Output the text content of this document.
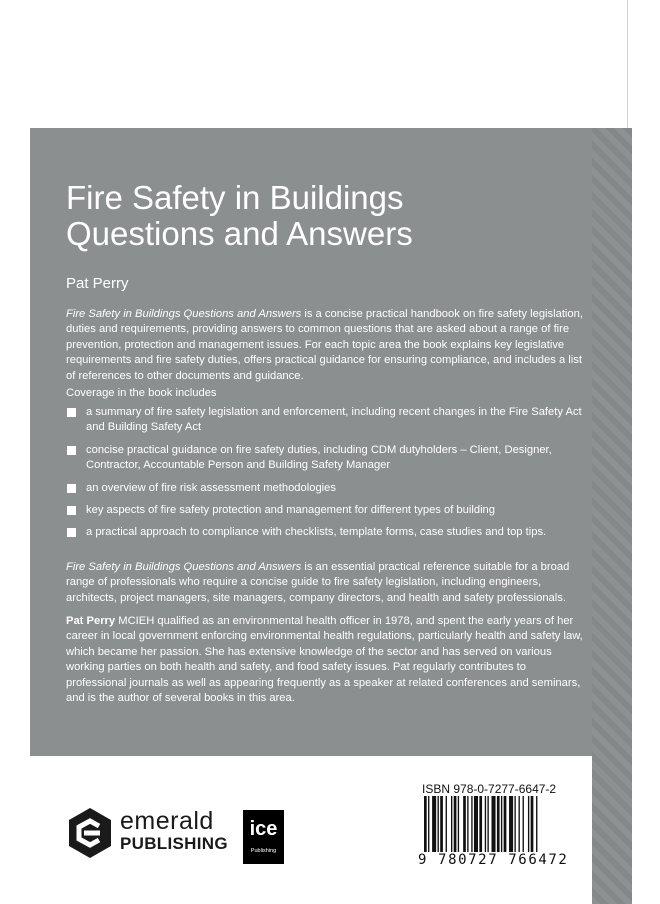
Fire Safety in Buildings
Questions and Answers

Pat Perry

Fire Safety in Buildings Questions and Answers is a concise practical handbook on fire safety legislation, duties and requirements, providing answers to common questions that are asked about a range of fire prevention, protection and management issues. For each topic area the book explains key legislative requirements and fire safety duties, offers practical guidance for ensuring compliance, and includes a list of references to other documents and guidance.

Coverage in the book includes

a summary of fire safety legislation and enforcement, including recent changes in the Fire Safety Act and Building Safety Act
concise practical guidance on fire safety duties, including CDM dutyholders – Client, Designer, Contractor, Accountable Person and Building Safety Manager
an overview of fire risk assessment methodologies
key aspects of fire safety protection and management for different types of building
a practical approach to compliance with checklists, template forms, case studies and top tips.

Fire Safety in Buildings Questions and Answers is an essential practical reference suitable for a broad range of professionals who require a concise guide to fire safety legislation, including engineers, architects, project managers, site managers, company directors, and health and safety professionals.

Pat Perry MCIEH qualified as an environmental health officer in 1978, and spent the early years of her career in local government enforcing environmental health regulations, particularly health and safety law, which became her passion. She has extensive knowledge of the sector and has served on various working parties on both health and safety, and food safety issues. Pat regularly contributes to professional journals as well as appearing frequently as a speaker at related conferences and seminars, and is the author of several books in this area.

emerald

PUBLISHING

ice
Publishing

ISBN 978-0-7277-6647-2

9 780727 766472
